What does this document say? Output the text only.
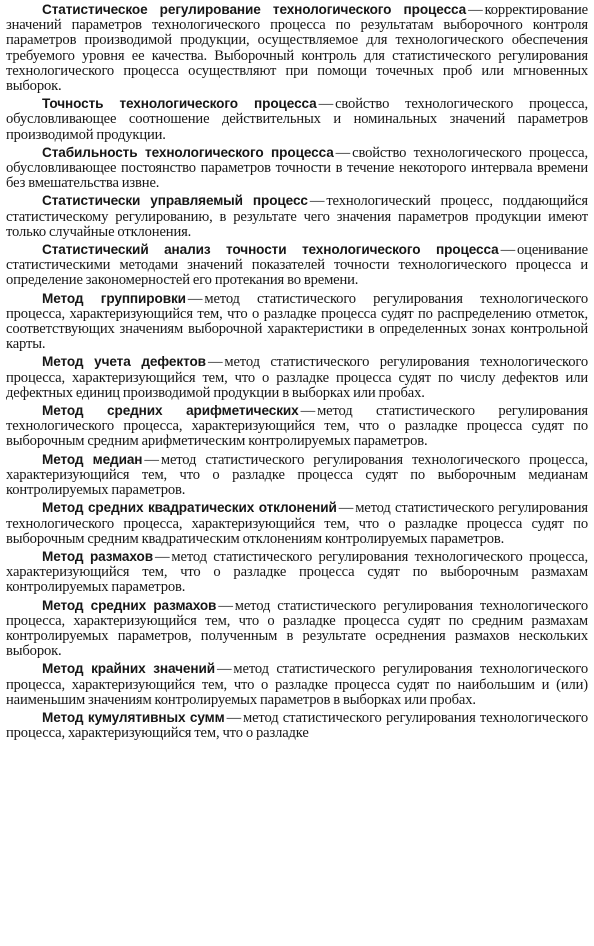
Статистическое регулирование технологического процесса — корректирование значений параметров технологического процесса по результатам выборочного контроля параметров производимой продукции, осуществляемое для технологического обеспечения требуемого уровня ее качества. Выборочный контроль для статистического регулирования технологического процесса осуществляют при помощи точечных проб или мгновенных выборок.

Точность технологического процесса — свойство технологического процесса, обусловливающее соотношение действительных и номинальных значений параметров производимой продукции.

Стабильность технологического процесса — свойство технологического процесса, обусловливающее постоянство параметров точности в течение некоторого интервала времени без вмешательства извне.

Статистически управляемый процесс — технологический процесс, поддающийся статистическому регулированию, в результате чего значения параметров продукции имеют только случайные отклонения.

Статистический анализ точности технологического процесса — оценивание статистическими методами значений показателей точности технологического процесса и определение закономерностей его протекания во времени.

Метод группировки — метод статистического регулирования технологического процесса, характеризующийся тем, что о разладке процесса судят по распределению отметок, соответствующих значениям выборочной характеристики в определенных зонах контрольной карты.

Метод учета дефектов — метод статистического регулирования технологического процесса, характеризующийся тем, что о разладке процесса судят по числу дефектов или дефектных единиц производимой продукции в выборках или пробах.

Метод средних арифметических — метод статистического регулирования технологического процесса, характеризующийся тем, что о разладке процесса судят по выборочным средним арифметическим контролируемых параметров.

Метод медиан — метод статистического регулирования технологического процесса, характеризующийся тем, что о разладке процесса судят по выборочным медианам контролируемых параметров.

Метод средних квадратических отклонений — метод статистического регулирования технологического процесса, характеризующийся тем, что о разладке процесса судят по выборочным средним квадратическим отклонениям контролируемых параметров.

Метод размахов — метод статистического регулирования технологического процесса, характеризующийся тем, что о разладке процесса судят по выборочным размахам контролируемых параметров.

Метод средних размахов — метод статистического регулирования технологического процесса, характеризующийся тем, что о разладке процесса судят по средним размахам контролируемых параметров, полученным в результате осреднения размахов нескольких выборок.

Метод крайних значений — метод статистического регулирования технологического процесса, характеризующийся тем, что о разладке процесса судят по наибольшим и (или) наименьшим значениям контролируемых параметров в выборках или пробах.

Метод кумулятивных сумм — метод статистического регулирования технологического процесса, характеризующийся тем, что о разладке
